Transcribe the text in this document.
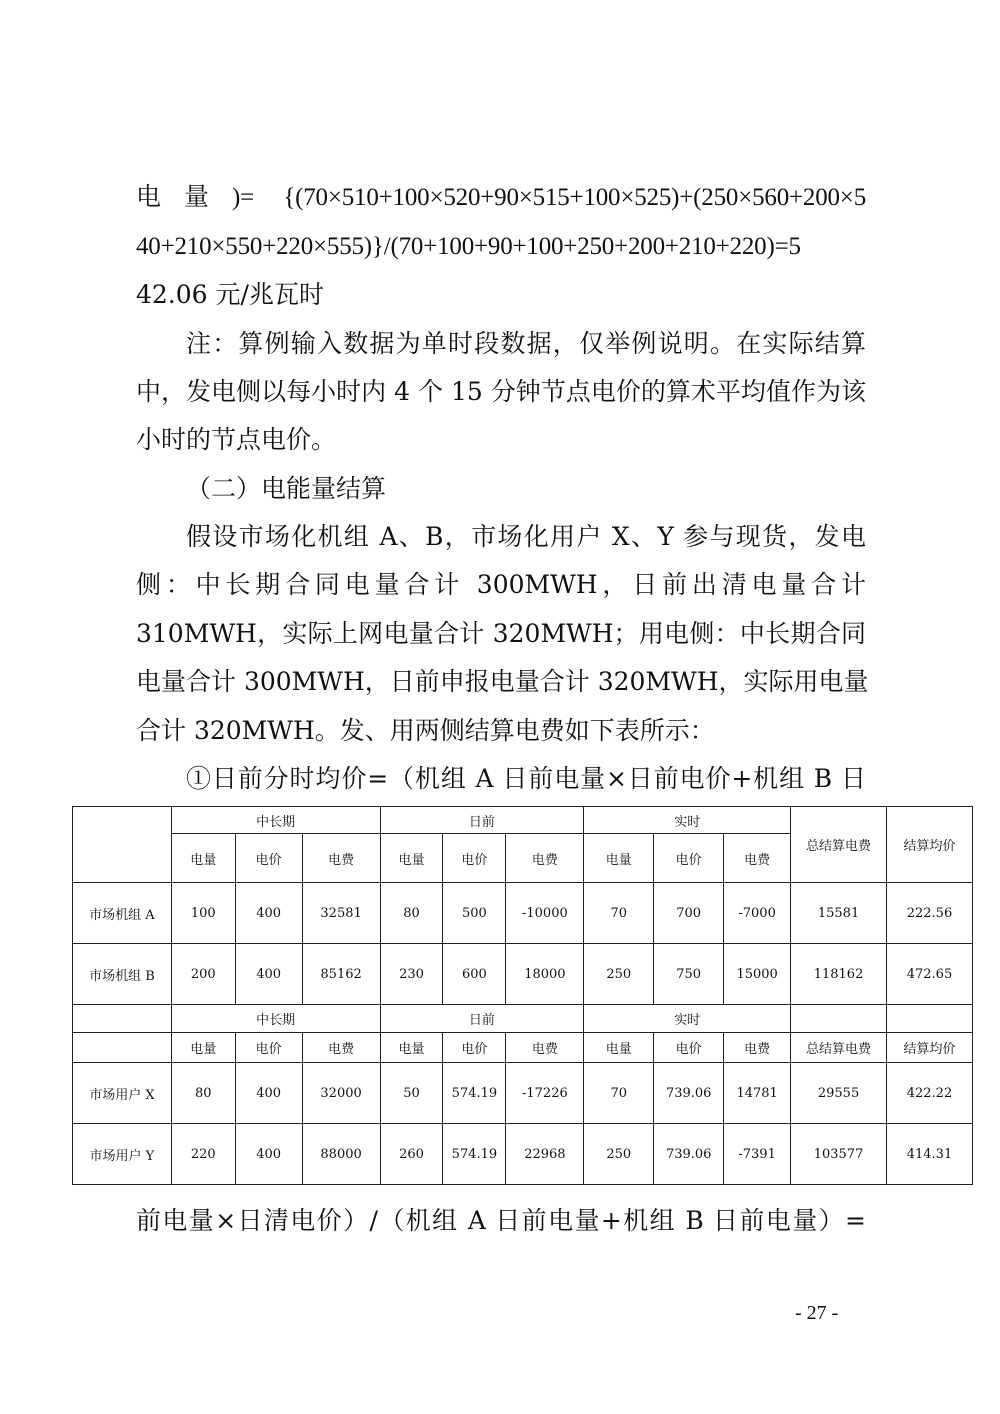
电量)= {(70×510+100×520+90×515+100×525)+(250×560+200×5
40+210×550+220×555)}/(70+100+90+100+250+200+210+220)=5
42.06 元/兆瓦时
注：算例输入数据为单时段数据，仅举例说明。在实际结算
中，发电侧以每小时内 4 个 15 分钟节点电价的算术平均值作为该
小时的节点电价。
（二）电能量结算
假设市场化机组 A、B，市场化用户 X、Y 参与现货，发电
侧：中长期合同电量合计 300MWH，日前出清电量合计
310MWH，实际上网电量合计 320MWH；用电侧：中长期合同
电量合计 300MWH，日前申报电量合计 320MWH，实际用电量
合计 320MWH。发、用两侧结算电费如下表所示：
①日前分时均价=（机组 A 日前电量×日前电价+机组 B 日
	中长期			日前			实时			总结算电费	结算均价
	电量	电价	电费	电量	电价	电费	电量	电价	电费		
市场机组 A	100	400	32581	80	500	-10000	70	700	-7000	15581	222.56
市场机组 B	200	400	85162	230	600	18000	250	750	15000	118162	472.65
	中长期			日前			实时				
	电量	电价	电费	电量	电价	电费	电量	电价	电费	总结算电费	结算均价
市场用户 X	80	400	32000	50	574.19	-17226	70	739.06	14781	29555	422.22
市场用户 Y	220	400	88000	260	574.19	22968	250	739.06	-7391	103577	414.31
前电量×日清电价）/（机组 A 日前电量+机组 B 日前电量）=
- 27 -
